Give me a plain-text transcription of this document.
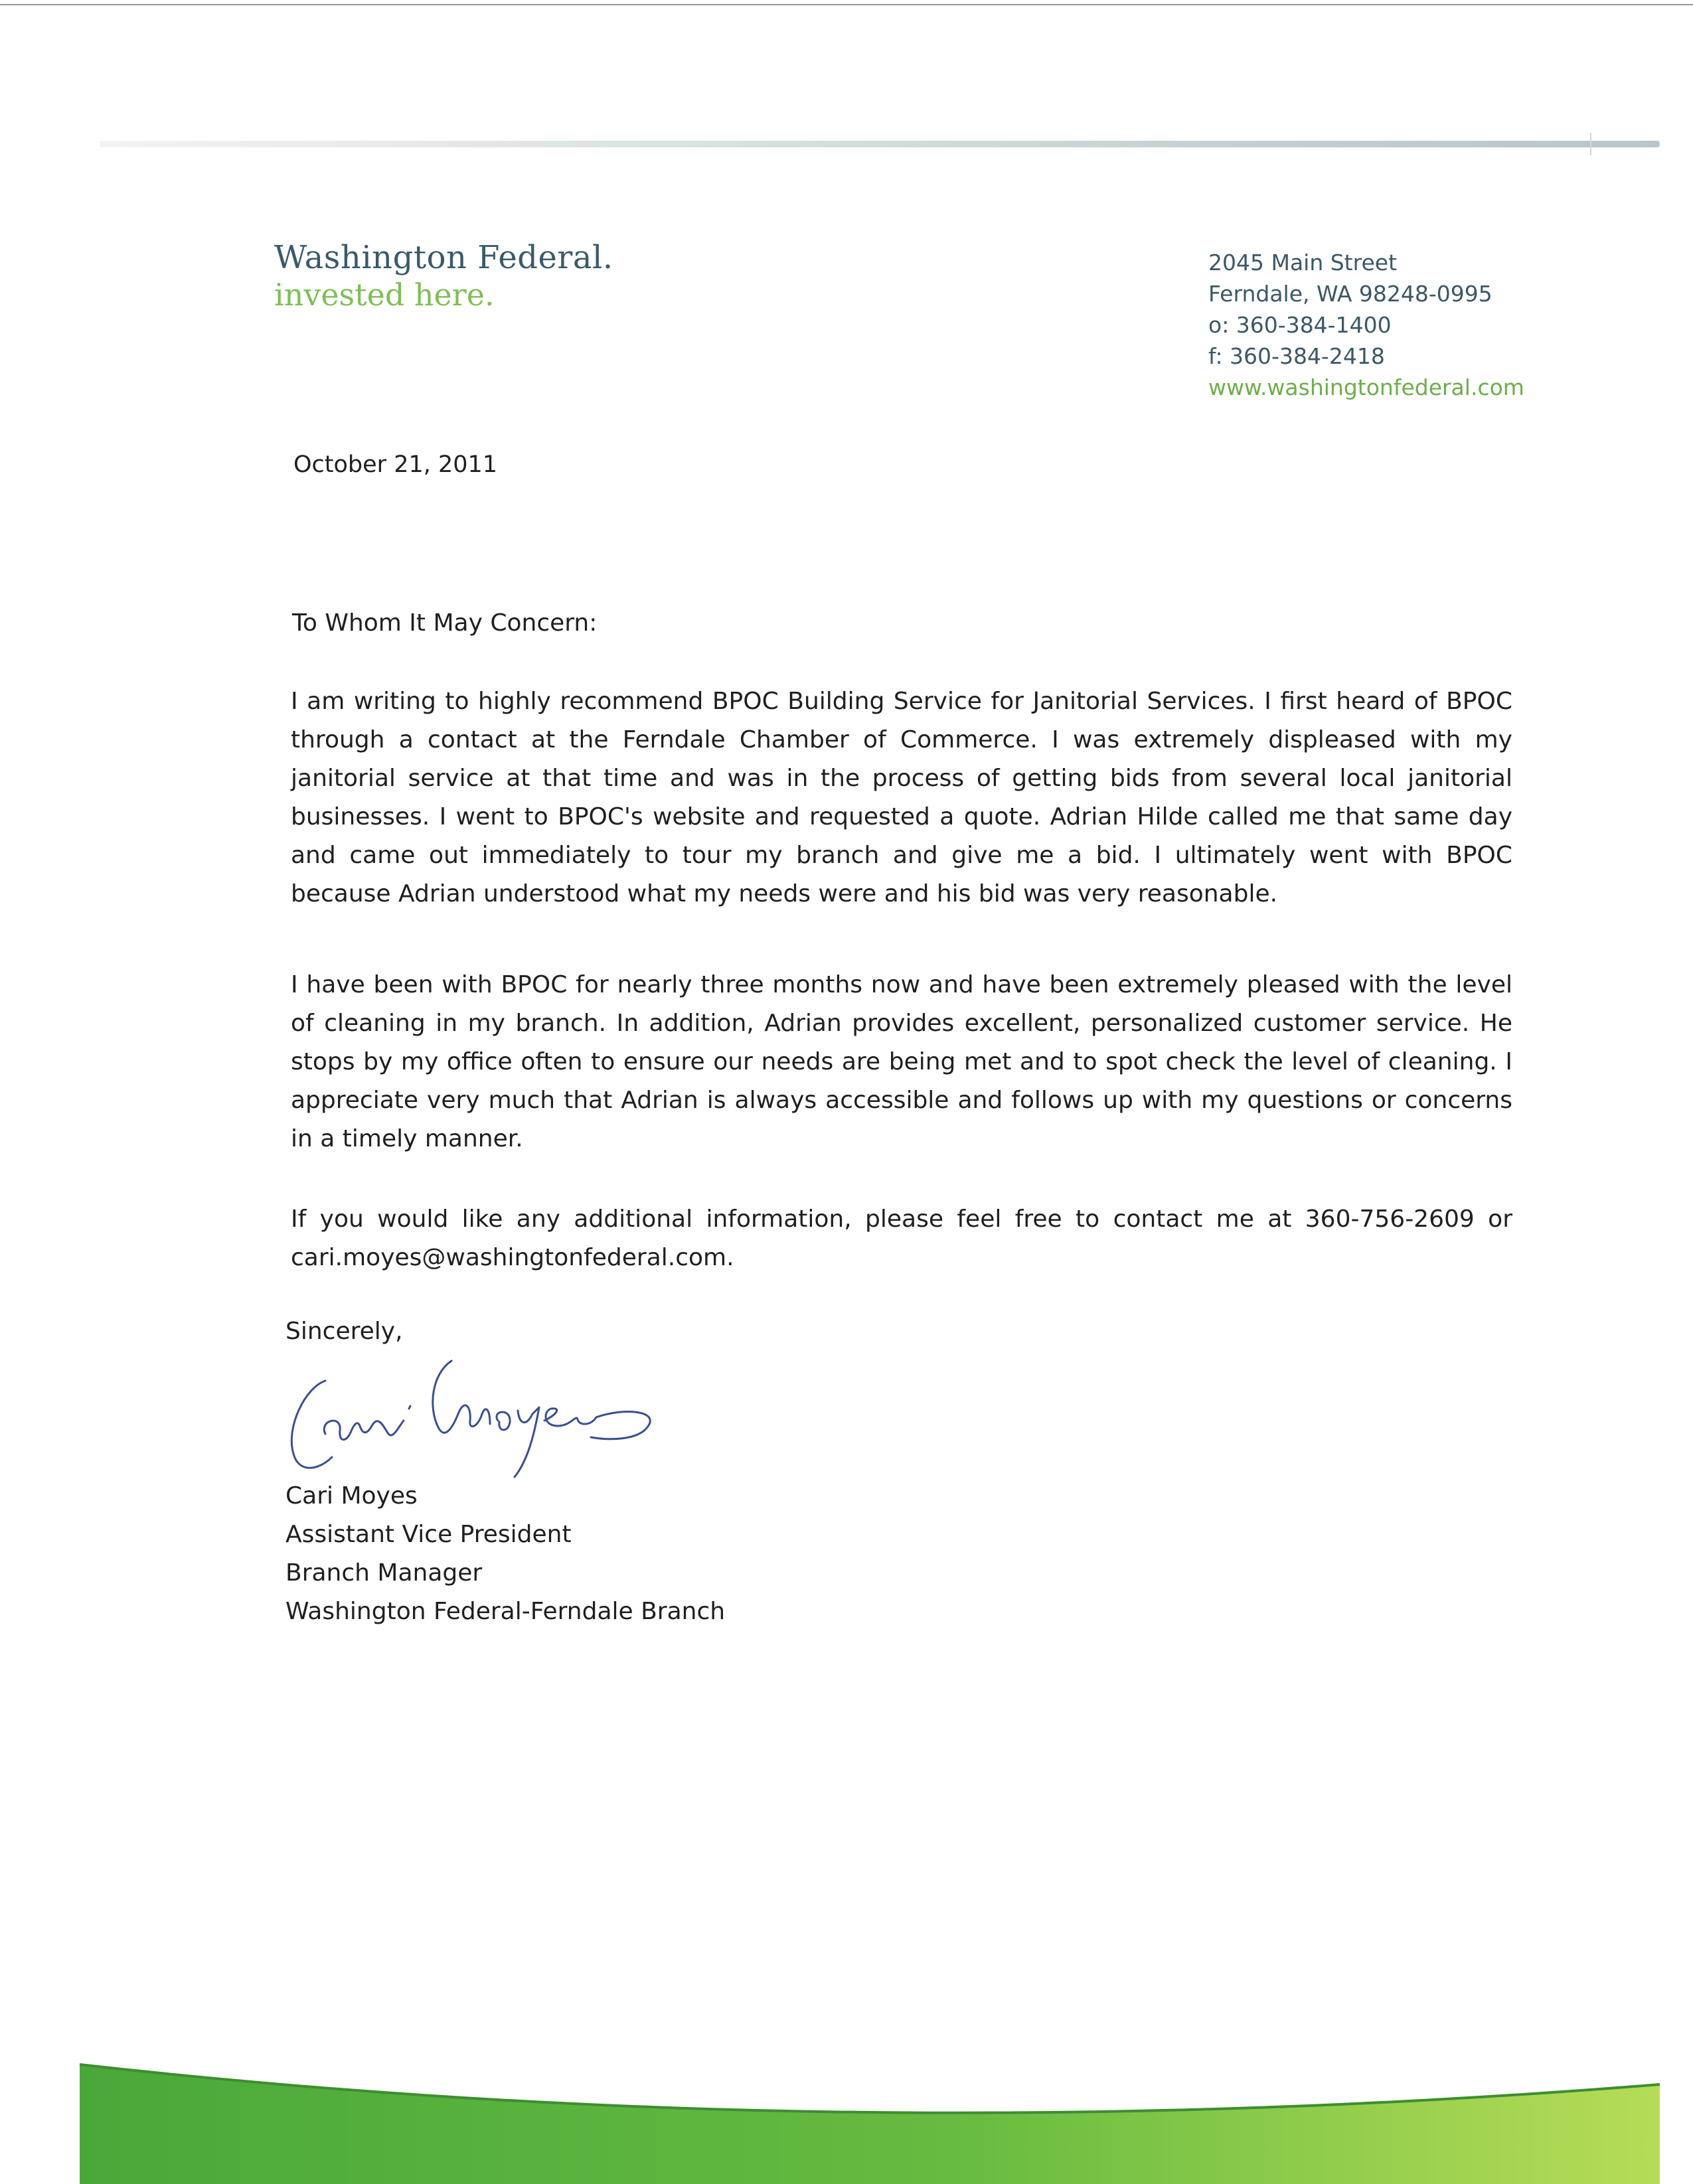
Washington Federal.
invested here.
2045 Main Street
Ferndale, WA 98248-0995
o: 360-384-1400
f: 360-384-2418
www.washingtonfederal.com
October 21, 2011
To Whom It May Concern:
I am writing to highly recommend BPOC Building Service for Janitorial Services. I first heard of BPOC through a contact at the Ferndale Chamber of Commerce. I was extremely displeased with my janitorial service at that time and was in the process of getting bids from several local janitorial businesses. I went to BPOC's website and requested a quote. Adrian Hilde called me that same day and came out immediately to tour my branch and give me a bid. I ultimately went with BPOC because Adrian understood what my needs were and his bid was very reasonable.
I have been with BPOC for nearly three months now and have been extremely pleased with the level of cleaning in my branch. In addition, Adrian provides excellent, personalized customer service. He stops by my office often to ensure our needs are being met and to spot check the level of cleaning. I appreciate very much that Adrian is always accessible and follows up with my questions or concerns in a timely manner.
If you would like any additional information, please feel free to contact me at 360-756-2609 or cari.moyes@washingtonfederal.com.
Sincerely,
Cari Moyes
Assistant Vice President
Branch Manager
Washington Federal-Ferndale Branch
